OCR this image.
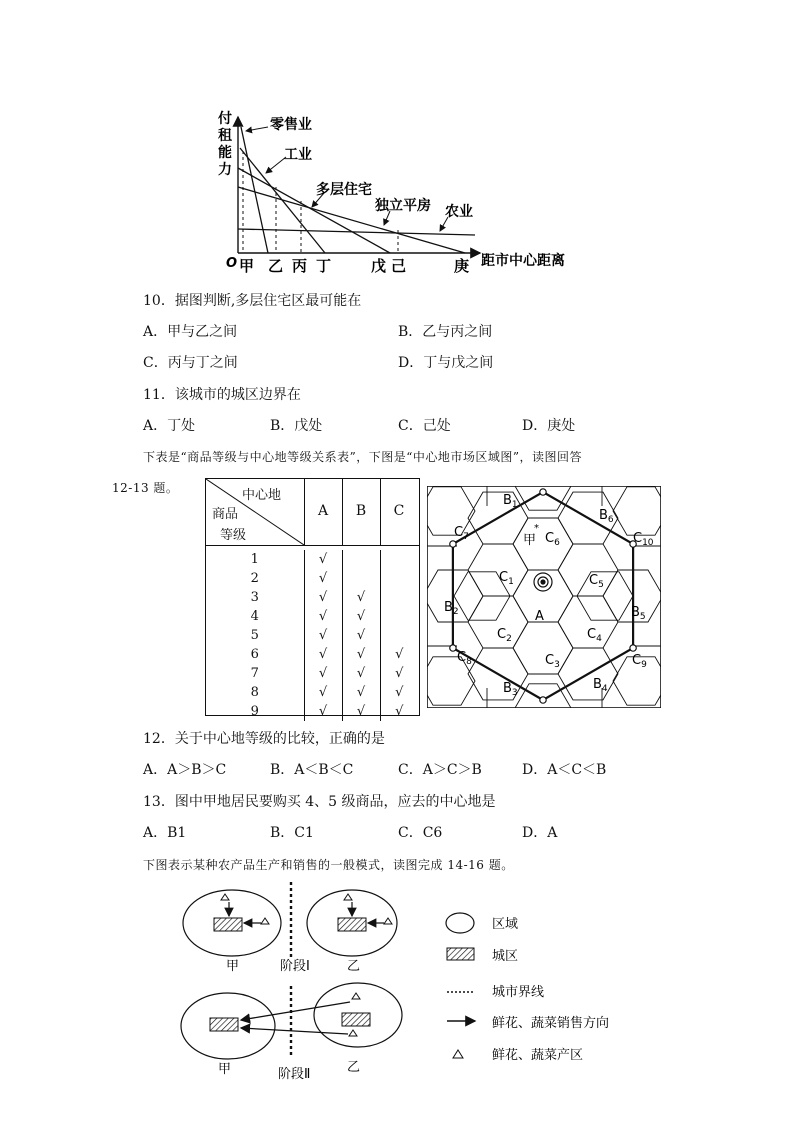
付
租
能
力
零售业
工业
多层住宅
独立平房 农业
O 甲 乙 丙 丁	戊 己	庚 距市中心距离
10．据图判断,多层住宅区最可能在
A．甲与乙之间	B．乙与丙之间
C．丙与丁之间	D．丁与戊之间
11．该城市的城区边界在
A．丁处	B．戊处	C．己处	D．庚处
下表是“商品等级与中心地等级关系表”，下图是“中心地市场区域图”，读图回答
12-13 题。	中心地
商品
等级
A	B	C
1	√		
2	√		
3	√	√	
4	√	√	
5	√	√	
6	√	√	√
7	√	√	√
8	√	√	√
9	√	√	√
$B_1$
$B_6$
$C_7$	$C_6$	$C_{10}$
$C_1$	$C_5$
$B_2$	$B_5$
$C_2$	$C_4$
$C_8$	$C_3$	$C_9$
$B_3$
$B_4$
A
甲
*
12．关于中心地等级的比较，正确的是
A．A＞B＞C	B．A＜B＜C	C．A＞C＞B	D．A＜C＜B
13．图中甲地居民要购买 4、5 级商品，应去的中心地是
A．B1	B．C1	C．C6	D．A
下图表示某种农产品生产和销售的一般模式，读图完成 14-16 题。
甲	阶段Ⅰ	乙
甲	阶段Ⅱ	乙
区域
城区
城市界线
鲜花、蔬菜销售方向
鲜花、蔬菜产区
